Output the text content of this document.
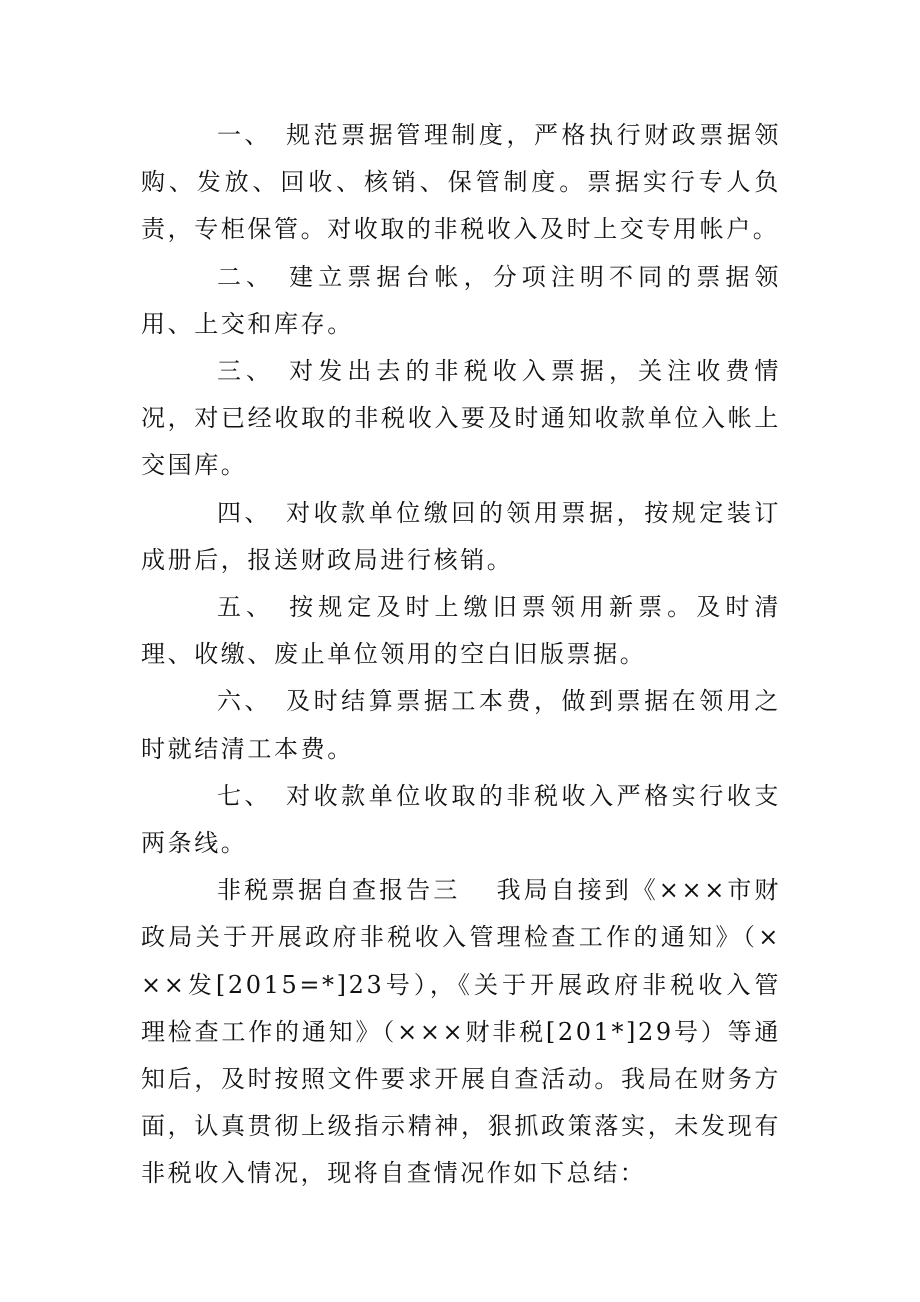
一、 规范票据管理制度，严格执行财政票据领购、发放、回收、核销、保管制度。票据实行专人负责，专柜保管。对收取的非税收入及时上交专用帐户。

二、 建立票据台帐，分项注明不同的票据领用、上交和库存。

三、 对发出去的非税收入票据，关注收费情况，对已经收取的非税收入要及时通知收款单位入帐上交国库。

四、 对收款单位缴回的领用票据，按规定装订成册后，报送财政局进行核销。

五、 按规定及时上缴旧票领用新票。及时清理、收缴、废止单位领用的空白旧版票据。

六、 及时结算票据工本费，做到票据在领用之时就结清工本费。

七、 对收款单位收取的非税收入严格实行收支两条线。

非税票据自查报告三 我局自接到《×××市财政局关于开展政府非税收入管理检查工作的通知》（×××发[2015=*]23号），《关于开展政府非税收入管理检查工作的通知》（×××财非税[201*]29号）等通知后，及时按照文件要求开展自查活动。我局在财务方面，认真贯彻上级指示精神，狠抓政策落实，未发现有非税收入情况，现将自查情况作如下总结：
